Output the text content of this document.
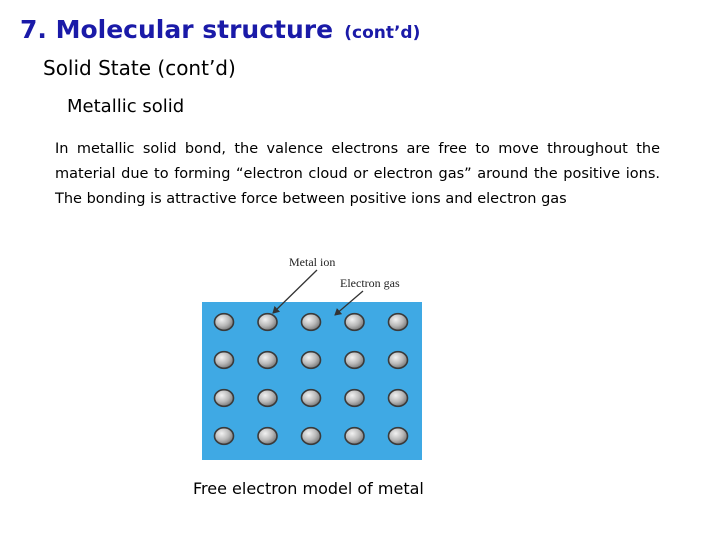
7. Molecular structure (cont’d)
Solid State (cont’d)
Metallic solid

In metallic solid bond, the valence electrons are free to move throughout the material due to forming “electron cloud or electron gas” around the positive ions. The bonding is attractive force between positive ions and electron gas

Metal ion
Electron gas

Free electron model of metal
